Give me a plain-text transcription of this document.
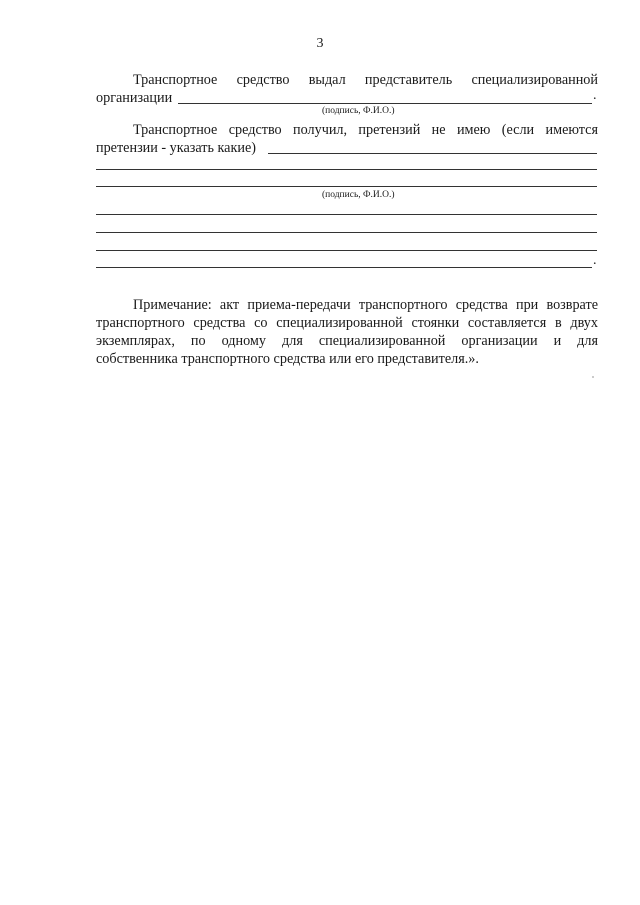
3
Транспортное средство выдал представитель специализированной
организации	.
(подпись, Ф.И.О.)
Транспортное средство получил, претензий не имею (если имеются
претензии - указать какие)
(подпись, Ф.И.О.)
.
Примечание: акт приема-передачи транспортного средства при возврате
транспортного средства со специализированной стоянки составляется в двух
экземплярах, по одному для специализированной организации и для
собственника транспортного средства или его представителя.».
